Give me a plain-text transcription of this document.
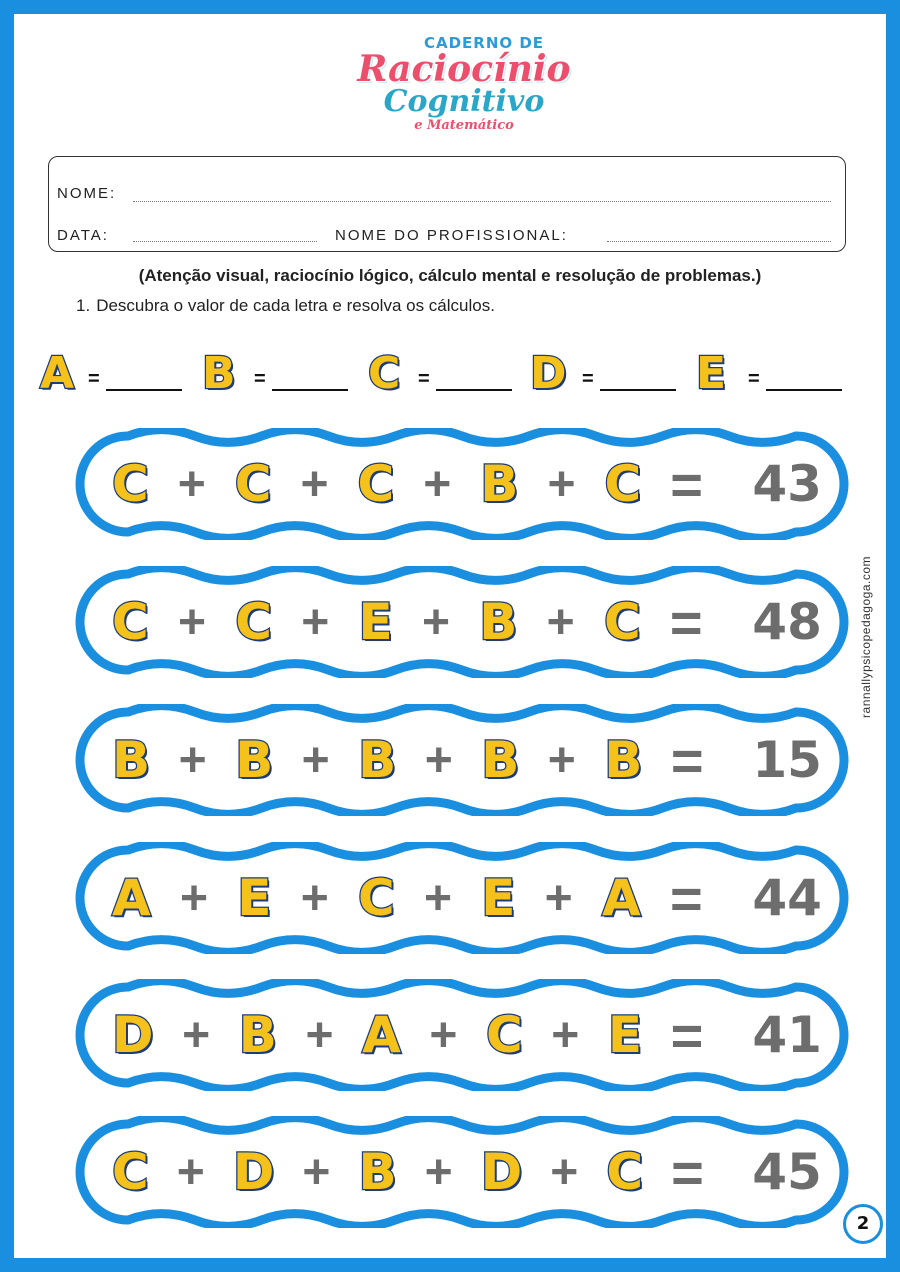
CADERNO DE
Raciocínio
Cognitivo
e Matemático
NOME:
DATA:	NOME DO PROFISSIONAL:
(Atenção visual, raciocínio lógico, cálculo mental e resolução de problemas.)
1. Descubra o valor de cada letra e resolva os cálculos.
A = B = C = D = E =
C + C + C + B + C = 43
C + C + E + B + C = 48
B + B + B + B + B = 15
A + E + C + E + A = 44
D + B + A + C + E = 41
C + D + B + D + C = 45
rannallypsicopedagoga.com
2
